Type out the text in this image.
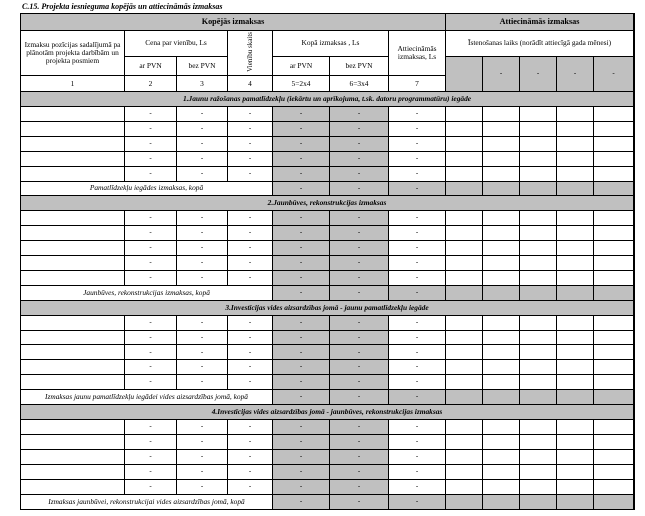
C.15. Projekta iesnieguma kopējās un attiecināmās izmaksas
Kopējās izmaksas							Attiecināmās izmaksas				
Izmaksu pozīcijas sadalījumā pa plānotām projekta darbībām un projekta posmiem	Cena par vienību, Ls		Vienību skaits	Kopā izmaksas , Ls		Attiecināmās izmaksas, Ls	Īstenošanas laiks (norādīt attiecīgā gada mēnesi)				
	ar PVN	bez PVN		ar PVN	bez PVN			-	-	-	-
1	2	3	4	5=2x4	6=3x4	7					
1.Jaunu ražošanas pamatlīdzekļu (iekārtu un aprīkojuma, t.sk. datoru programmatūru) iegāde											
	-	-	-	-	-	-					
	-	-	-	-	-	-					
	-	-	-	-	-	-					
	-	-	-	-	-	-					
	-	-	-	-	-	-					
Pamatlīdzekļu iegādes izmaksas, kopā				-	-	-					
2.Jaunbūves, rekonstrukcijas izmaksas											
	-	-	-	-	-	-					
	-	-	-	-	-	-					
	-	-	-	-	-	-					
	-	-	-	-	-	-					
	-	-	-	-	-	-					
Jaunbūves, rekonstrukcijas izmaksas, kopā				-	-	-					
3.Investīcijas vides aizsardzības jomā - jaunu pamatlīdzekļu iegāde											
	-	-	-	-	-	-					
	-	-	-	-	-	-					
	-	-	-	-	-	-					
	-	-	-	-	-	-					
	-	-	-	-	-	-					
Izmaksas jaunu pamatlīdzekļu iegādei vides aizsardzības jomā, kopā				-	-	-					
4.Investīcijas vides aizsardzības jomā - jaunbūves, rekonstrukcijas izmaksas											
	-	-	-	-	-	-					
	-	-	-	-	-	-					
	-	-	-	-	-	-					
	-	-	-	-	-	-					
	-	-	-	-	-	-					
Izmaksas jaunbūvei, rekonstrukcijai vides aizsardzības jomā, kopā				-	-	-					
